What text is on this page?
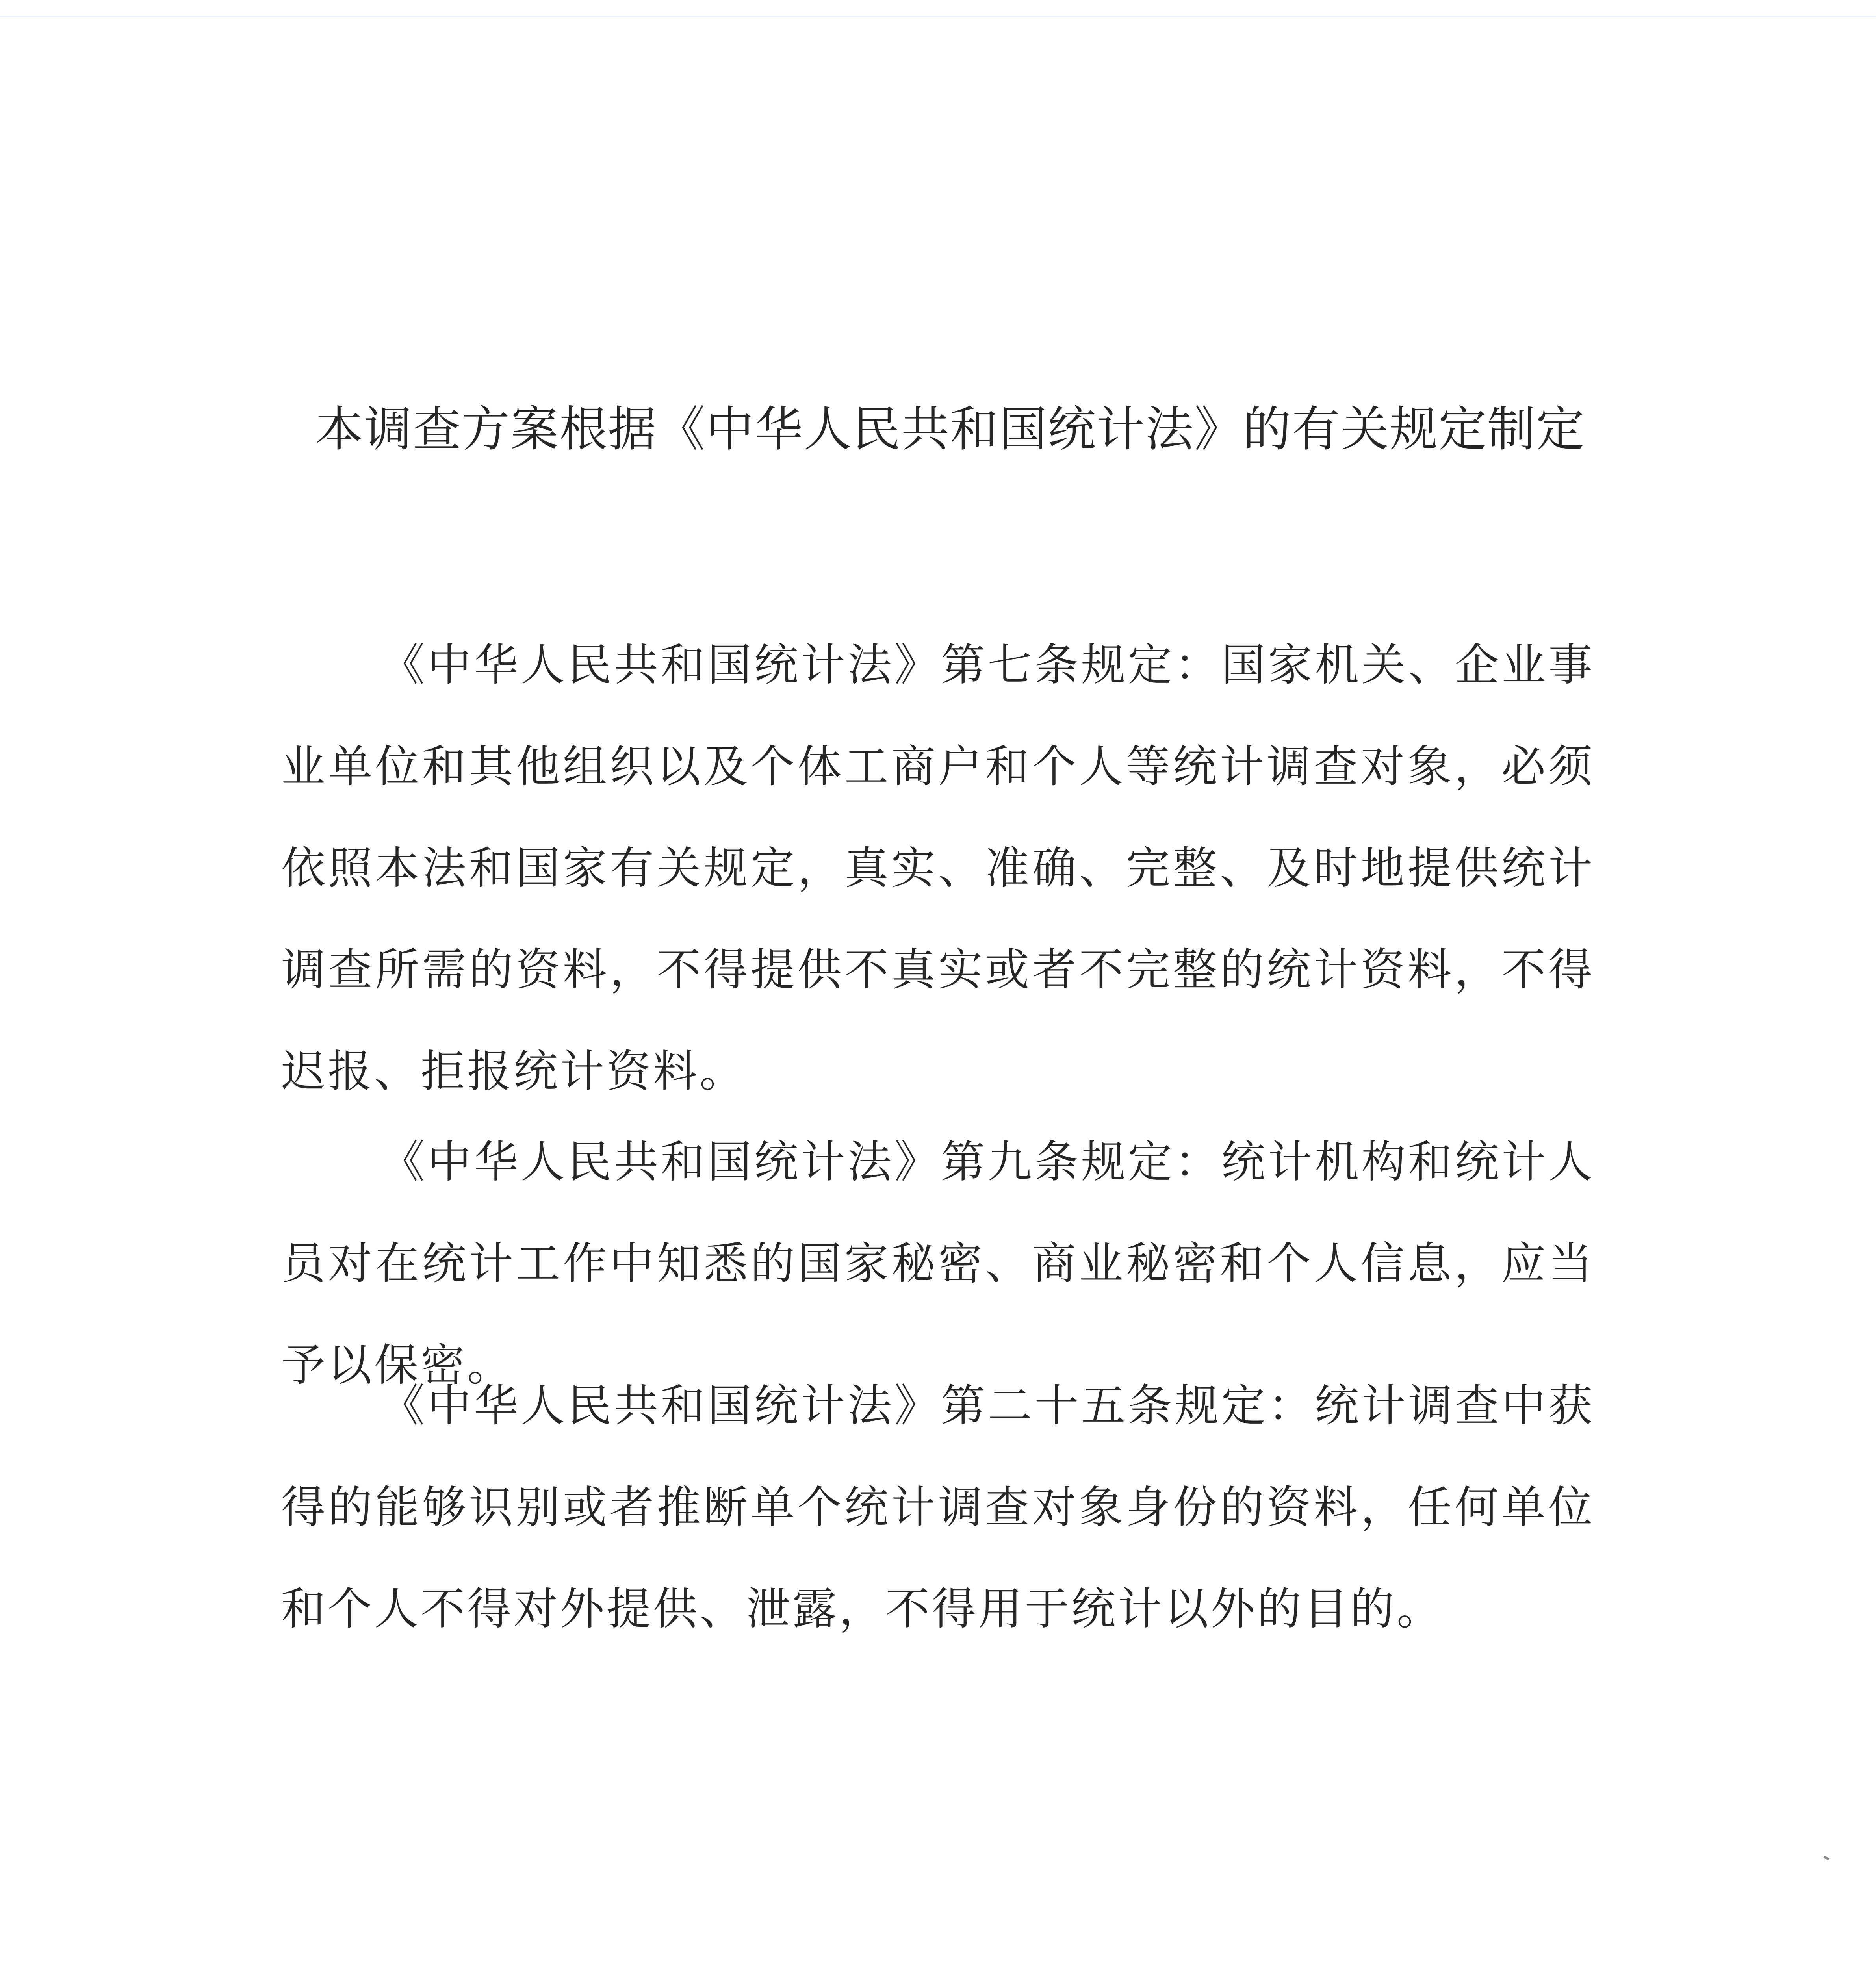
本调查方案根据《中华人民共和国统计法》的有关规定制定

《中华人民共和国统计法》第七条规定：国家机关、企业事业单位和其他组织以及个体工商户和个人等统计调查对象，必须依照本法和国家有关规定，真实、准确、完整、及时地提供统计调查所需的资料，不得提供不真实或者不完整的统计资料，不得迟报、拒报统计资料。

《中华人民共和国统计法》第九条规定：统计机构和统计人员对在统计工作中知悉的国家秘密、商业秘密和个人信息，应当予以保密。

《中华人民共和国统计法》第二十五条规定：统计调查中获得的能够识别或者推断单个统计调查对象身份的资料，任何单位和个人不得对外提供、泄露，不得用于统计以外的目的。
